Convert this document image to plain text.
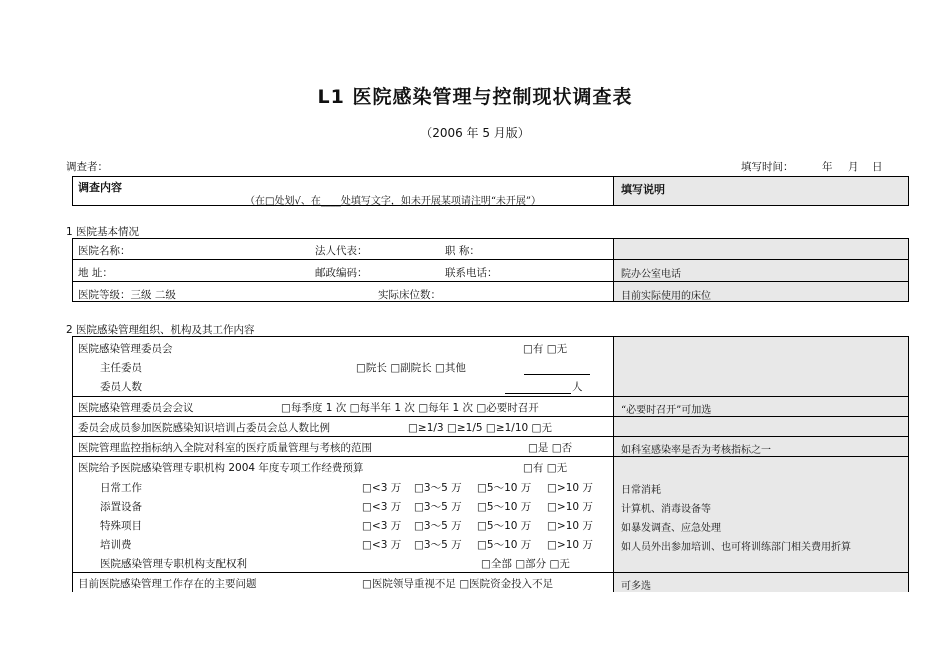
L1 医院感染管理与控制现状调查表
（2006 年 5 月版）
调查者：	填写时间：	年 月 日
调查内容
（在□处划√、在____处填写文字，如未开展某项请注明“未开展”）
填写说明
1 医院基本情况
医院名称：	法人代表：	职 称：
地 址：	邮政编码：	联系电话：	院办公室电话
医院等级：三级 二级	实际床位数：	目前实际使用的床位
2 医院感染管理组织、机构及其工作内容
医院感染管理委员会	□有 □无
主任委员	□院长 □副院长 □其他
委员人数	人
医院感染管理委员会会议	□每季度 1 次 □每半年 1 次 □每年 1 次 □必要时召开	“必要时召开”可加选
委员会成员参加医院感染知识培训占委员会总人数比例	□≥1/3 □≥1/5 □≥1/10 □无
医院管理监控指标纳入全院对科室的医疗质量管理与考核的范围	□是 □否	如科室感染率是否为考核指标之一
医院给予医院感染管理专职机构 2004 年度专项工作经费预算	□有 □无
日常工作	□<3 万 □3～5 万 □5～10 万 □>10 万	日常消耗
添置设备	□<3 万 □3～5 万 □5～10 万 □>10 万	计算机、消毒设备等
特殊项目	□<3 万 □3～5 万 □5～10 万 □>10 万	如暴发调查、应急处理
培训费	□<3 万 □3～5 万 □5～10 万 □>10 万	如人员外出参加培训、也可将训练部门相关费用折算
医院感染管理专职机构支配权利	□全部 □部分 □无
目前医院感染管理工作存在的主要问题	□医院领导重视不足 □医院资金投入不足	可多选
